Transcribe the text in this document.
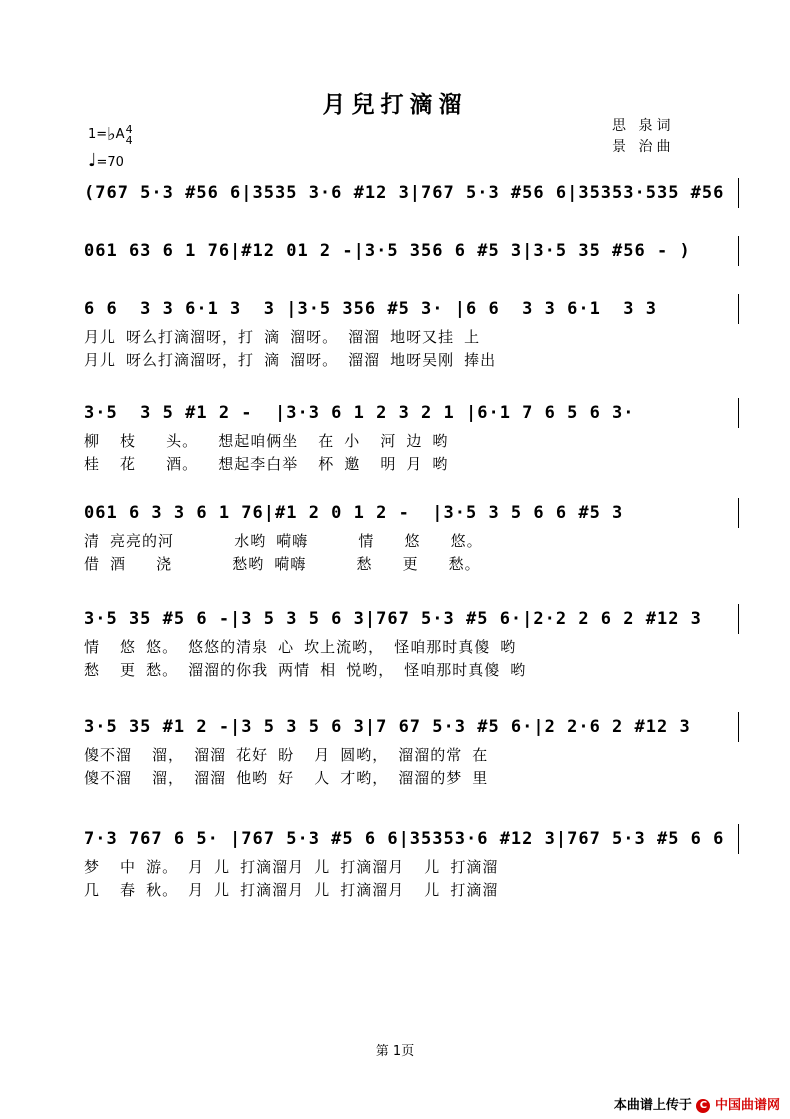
月兒打滴溜
思 泉词
景 治曲
1=♭A4
4
♩=70
(767 5·3 #56 6|3535 3·6 #12 3|767 5·3 #56 6|35353·535 #56
061 63 6 1 76|#12 01 2 -|3·5 356 6 #5 3|3·5 35 #56 - )
6 6  3 3 6·1 3  3 |3·5 356 #5 3· |6 6  3 3 6·1  3 3
月儿 呀么打滴溜呀，打 滴 溜呀。 溜溜 地呀又挂 上
月儿 呀么打滴溜呀，打 滴 溜呀。 溜溜 地呀吴刚 捧出
3·5  3 5 #1 2 -  |3·3 6 1 2 3 2 1 |6·1 7 6 5 6 3·
柳  枝   头。  想起咱俩坐  在 小  河 边 哟
桂  花   酒。  想起李白举  杯 邀  明 月 哟
061 6 3 3 6 1 76|#1 2 0 1 2 -  |3·5 3 5 6 6 #5 3
清 亮亮的河      水哟 嗬嗨     情   悠   悠。
借 酒   浇      愁哟 嗬嗨     愁   更   愁。
3·5 35 #5 6 -|3 5 3 5 6 3|767 5·3 #5 6·|2·2 2 6 2 #12 3
情  悠 悠。 悠悠的清泉 心 坎上流哟， 怪咱那时真傻 哟
愁  更 愁。 溜溜的你我 两情 相 悦哟， 怪咱那时真傻 哟
3·5 35 #1 2 -|3 5 3 5 6 3|7 67 5·3 #5 6·|2 2·6 2 #12 3
傻不溜  溜， 溜溜 花好 盼  月 圆哟， 溜溜的常 在
傻不溜  溜， 溜溜 他哟 好  人 才哟， 溜溜的梦 里
7·3 767 6 5· |767 5·3 #5 6 6|35353·6 #12 3|767 5·3 #5 6 6
梦  中 游。 月 儿 打滴溜月 儿 打滴溜月  儿 打滴溜
几  春 秋。 月 儿 打滴溜月 儿 打滴溜月  儿 打滴溜
第 1页
本曲谱上传于 C 中国曲谱网
